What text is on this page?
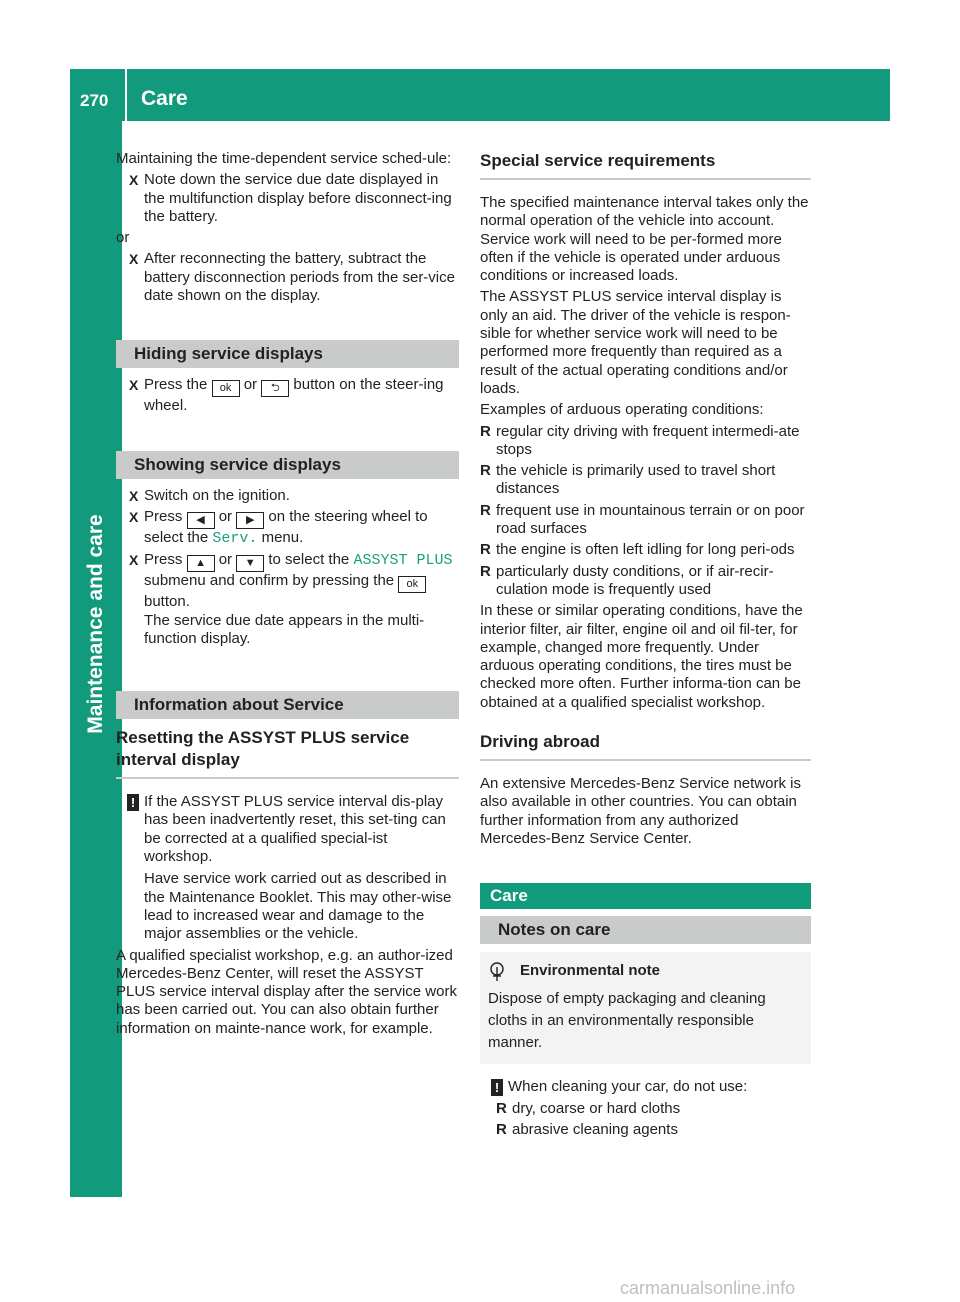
270 Care
Maintenance and care

Maintaining the time-dependent service sched-ule:

X Note down the service due date displayed in the multifunction display before disconnect-ing the battery.

or

X After reconnecting the battery, subtract the battery disconnection periods from the ser-vice date shown on the display.
Hiding service displays
X Press the ok or ⮌ button on the steer-ing wheel.
Showing service displays
X Switch on the ignition.
X Press ◀ or ▶ on the steering wheel to select the Serv. menu.
X Press ▲ or ▼ to select the ASSYST PLUS submenu and confirm by pressing the ok button.
The service due date appears in the multi-function display.
Information about Service
Resetting the ASSYST PLUS service interval display
! If the ASSYST PLUS service interval dis-play has been inadvertently reset, this set-ting can be corrected at a qualified special-ist workshop.

Have service work carried out as described in the Maintenance Booklet. This may other-wise lead to increased wear and damage to the major assemblies or the vehicle.

A qualified specialist workshop, e.g. an author-ized Mercedes-Benz Center, will reset the ASSYST PLUS service interval display after the service work has been carried out. You can also obtain further information on mainte-nance work, for example.

Special service requirements

The specified maintenance interval takes only the normal operation of the vehicle into account. Service work will need to be per-formed more often if the vehicle is operated under arduous conditions or increased loads.

The ASSYST PLUS service interval display is only an aid. The driver of the vehicle is respon-sible for whether service work will need to be performed more frequently than required as a result of the actual operating conditions and/or loads.

Examples of arduous operating conditions:

R regular city driving with frequent intermedi-ate stops
R the vehicle is primarily used to travel short distances
R frequent use in mountainous terrain or on poor road surfaces
R the engine is often left idling for long peri-ods
R particularly dusty conditions, or if air-recir-culation mode is frequently used

In these or similar operating conditions, have the interior filter, air filter, engine oil and oil fil-ter, for example, changed more frequently. Under arduous operating conditions, the tires must be checked more often. Further informa-tion can be obtained at a qualified specialist workshop.

Driving abroad

An extensive Mercedes-Benz Service network is also available in other countries. You can obtain further information from any authorized Mercedes-Benz Service Center.

Care
Notes on care
Environmental note
Dispose of empty packaging and cleaning cloths in an environmentally responsible manner.
! When cleaning your car, do not use:

R dry, coarse or hard cloths
R abrasive cleaning agents
carmanualsonline.info
